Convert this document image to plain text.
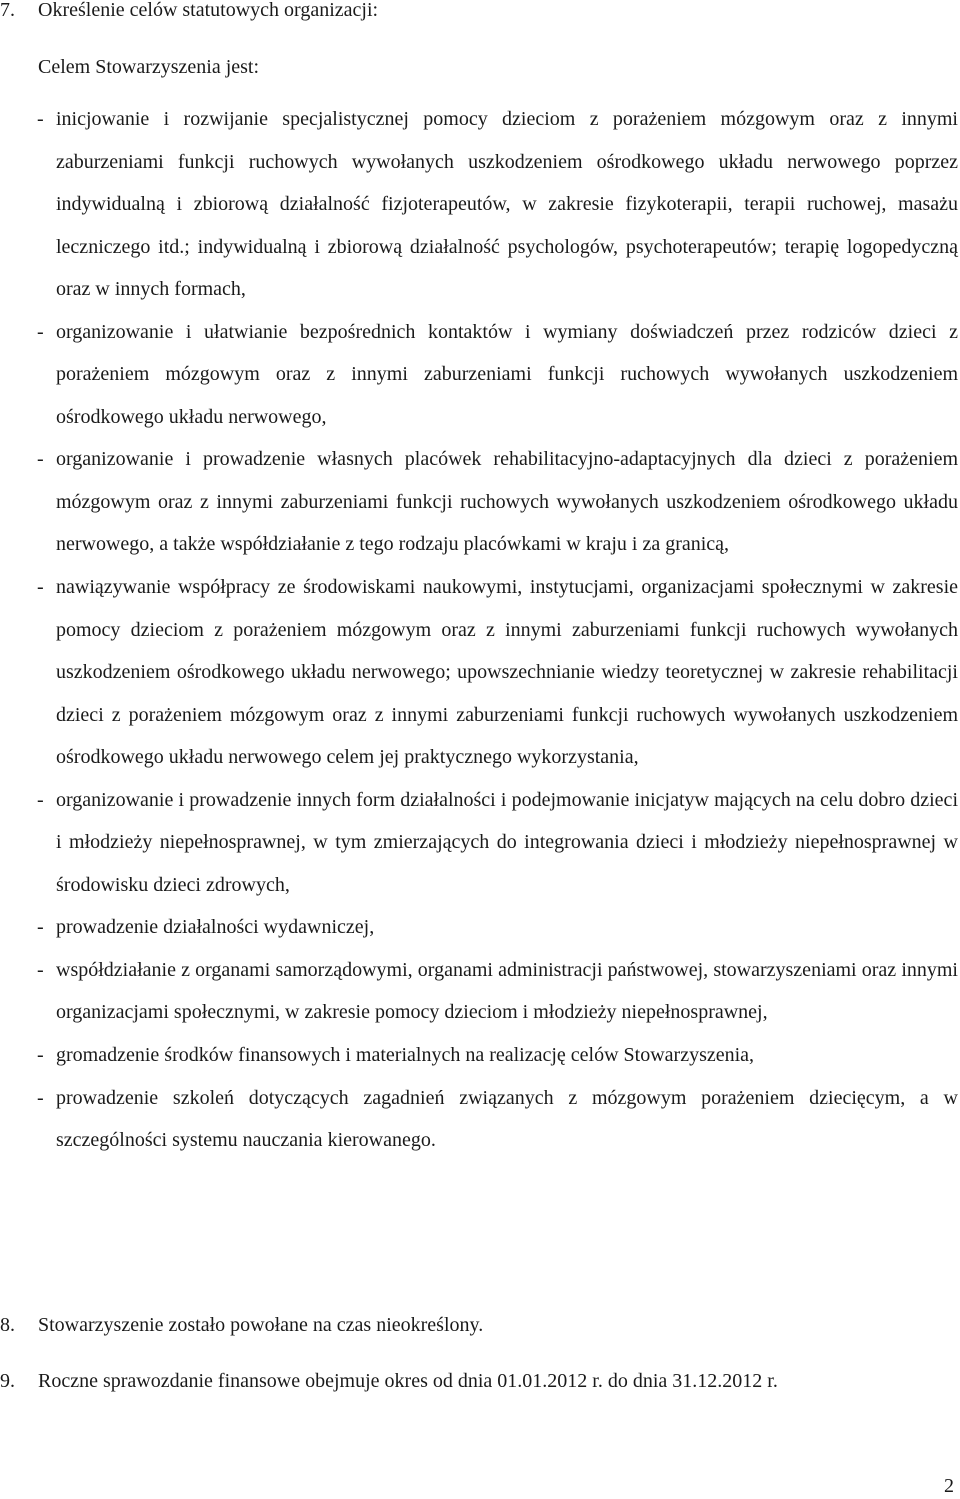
7. Określenie celów statutowych organizacji:
Celem Stowarzyszenia jest:
- inicjowanie i rozwijanie specjalistycznej pomocy dzieciom z porażeniem mózgowym oraz z innymi zaburzeniami funkcji ruchowych wywołanych uszkodzeniem ośrodkowego układu nerwowego poprzez indywidualną i zbiorową działalność fizjoterapeutów, w zakresie fizykoterapii, terapii ruchowej, masażu leczniczego itd.; indywidualną i zbiorową działalność psychologów, psychoterapeutów; terapię logopedyczną oraz w innych formach,
- organizowanie i ułatwianie bezpośrednich kontaktów i wymiany doświadczeń przez rodziców dzieci z porażeniem mózgowym oraz z innymi zaburzeniami funkcji ruchowych wywołanych uszkodzeniem ośrodkowego układu nerwowego,
- organizowanie i prowadzenie własnych placówek rehabilitacyjno-adaptacyjnych dla dzieci z porażeniem mózgowym oraz z innymi zaburzeniami funkcji ruchowych wywołanych uszkodzeniem ośrodkowego układu nerwowego, a także współdziałanie z tego rodzaju placówkami w kraju i za granicą,
- nawiązywanie współpracy ze środowiskami naukowymi, instytucjami, organizacjami społecznymi w zakresie pomocy dzieciom z porażeniem mózgowym oraz z innymi zaburzeniami funkcji ruchowych wywołanych uszkodzeniem ośrodkowego układu nerwowego; upowszechnianie wiedzy teoretycznej w zakresie rehabilitacji dzieci z porażeniem mózgowym oraz z innymi zaburzeniami funkcji ruchowych wywołanych uszkodzeniem ośrodkowego układu nerwowego celem jej praktycznego wykorzystania,
- organizowanie i prowadzenie innych form działalności i podejmowanie inicjatyw mających na celu dobro dzieci i młodzieży niepełnosprawnej, w tym zmierzających do integrowania dzieci i młodzieży niepełnosprawnej w środowisku dzieci zdrowych,
- prowadzenie działalności wydawniczej,
- współdziałanie z organami samorządowymi, organami administracji państwowej, stowarzyszeniami oraz innymi organizacjami społecznymi, w zakresie pomocy dzieciom i młodzieży niepełnosprawnej,
- gromadzenie środków finansowych i materialnych na realizację celów Stowarzyszenia,
- prowadzenie szkoleń dotyczących zagadnień związanych z mózgowym porażeniem dziecięcym, a w szczególności systemu nauczania kierowanego.
8. Stowarzyszenie zostało powołane na czas nieokreślony.
9. Roczne sprawozdanie finansowe obejmuje okres od dnia 01.01.2012 r. do dnia 31.12.2012 r.
2
